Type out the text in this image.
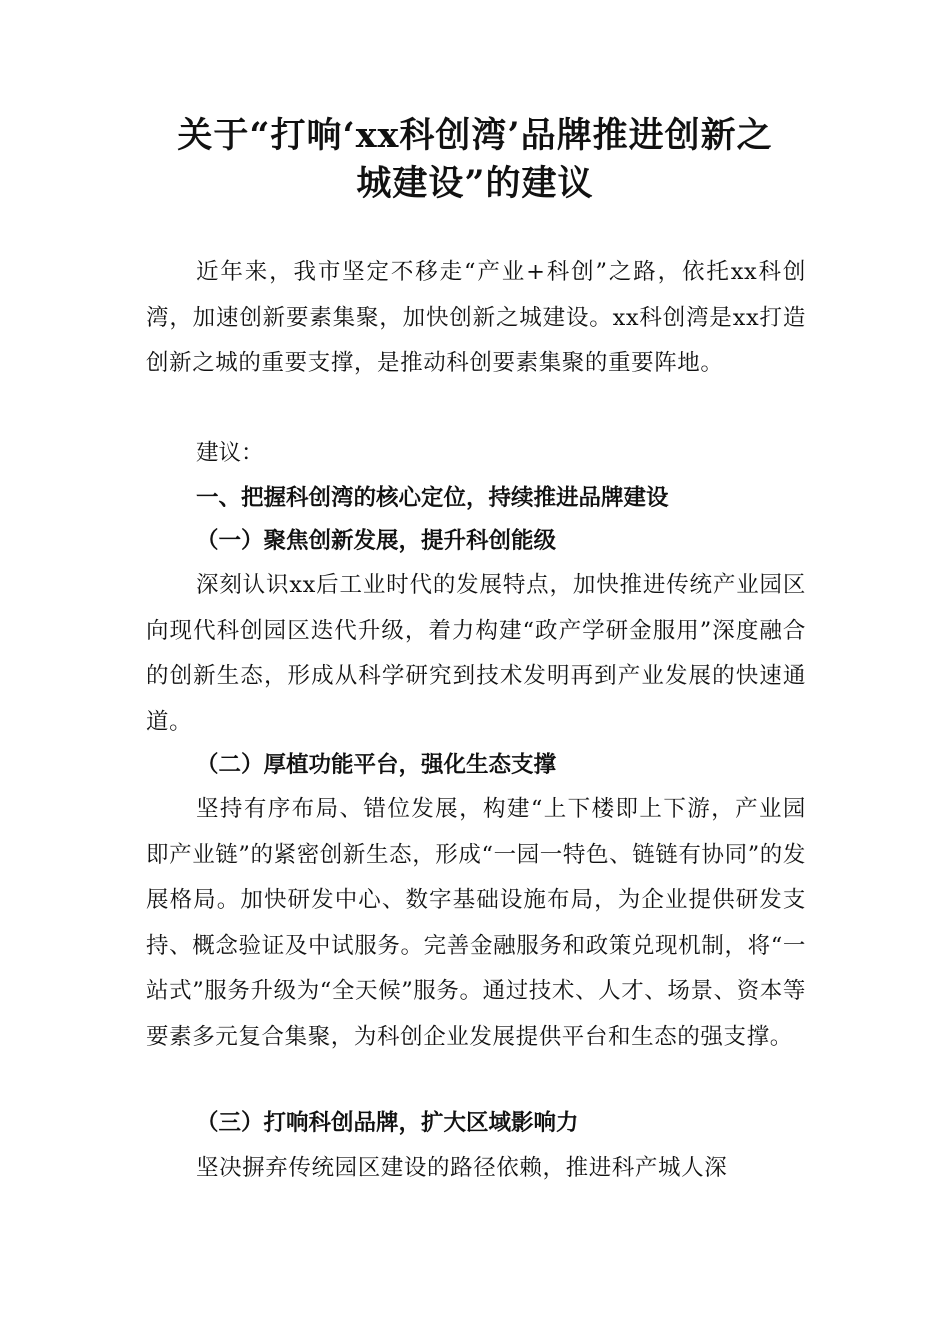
关于“打响‘xx科创湾’品牌推进创新之
城建设”的建议

近年来，我市坚定不移走“产业+科创”之路，依托xx科创湾，加速创新要素集聚，加快创新之城建设。xx科创湾是xx打造创新之城的重要支撑，是推动科创要素集聚的重要阵地。

建议：

一、把握科创湾的核心定位，持续推进品牌建设

（一）聚焦创新发展，提升科创能级

深刻认识xx后工业时代的发展特点，加快推进传统产业园区向现代科创园区迭代升级，着力构建“政产学研金服用”深度融合的创新生态，形成从科学研究到技术发明再到产业发展的快速通道。

（二）厚植功能平台，强化生态支撑

坚持有序布局、错位发展，构建“上下楼即上下游，产业园即产业链”的紧密创新生态，形成“一园一特色、链链有协同”的发展格局。加快研发中心、数字基础设施布局，为企业提供研发支持、概念验证及中试服务。完善金融服务和政策兑现机制，将“一站式”服务升级为“全天候”服务。通过技术、人才、场景、资本等要素多元复合集聚，为科创企业发展提供平台和生态的强支撑。

（三）打响科创品牌，扩大区域影响力

坚决摒弃传统园区建设的路径依赖，推进科产城人深
